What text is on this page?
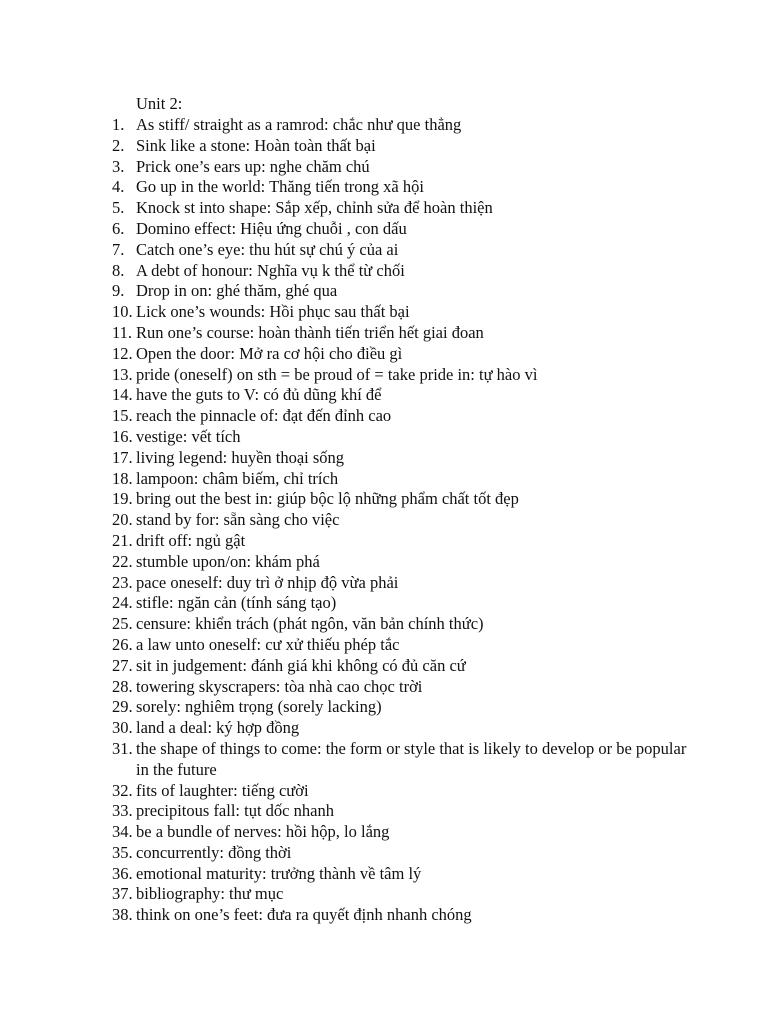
Unit 2:
1. As stiff/ straight as a ramrod: chắc như que thẳng
2. Sink like a stone: Hoàn toàn thất bại
3. Prick one’s ears up: nghe chăm chú
4. Go up in the world: Thăng tiến trong xã hội
5. Knock st into shape: Sắp xếp, chỉnh sửa để hoàn thiện
6. Domino effect: Hiệu ứng chuỗi , con dấu
7. Catch one’s eye: thu hút sự chú ý của ai
8. A debt of honour: Nghĩa vụ k thể từ chối
9. Drop in on: ghé thăm, ghé qua
10. Lick one’s wounds: Hồi phục sau thất bại
11. Run one’s course: hoàn thành tiến triển hết giai đoan
12. Open the door: Mở ra cơ hội cho điều gì
13. pride (oneself) on sth = be proud of = take pride in: tự hào vì
14. have the guts to V: có đủ dũng khí để
15. reach the pinnacle of: đạt đến đỉnh cao
16. vestige: vết tích
17. living legend: huyền thoại sống
18. lampoon: châm biếm, chỉ trích
19. bring out the best in: giúp bộc lộ những phẩm chất tốt đẹp
20. stand by for: sẵn sàng cho việc
21. drift off: ngủ gật
22. stumble upon/on: khám phá
23. pace oneself: duy trì ở nhịp độ vừa phải
24. stifle: ngăn cản (tính sáng tạo)
25. censure: khiển trách (phát ngôn, văn bản chính thức)
26. a law unto oneself: cư xử thiếu phép tắc
27. sit in judgement: đánh giá khi không có đủ căn cứ
28. towering skyscrapers: tòa nhà cao chọc trời
29. sorely: nghiêm trọng (sorely lacking)
30. land a deal: ký hợp đồng
31. the shape of things to come: the form or style that is likely to develop or be popular in the future
32. fits of laughter: tiếng cười
33. precipitous fall: tụt dốc nhanh
34. be a bundle of nerves: hồi hộp, lo lắng
35. concurrently: đồng thời
36. emotional maturity: trưởng thành về tâm lý
37. bibliography: thư mục
38. think on one’s feet: đưa ra quyết định nhanh chóng
